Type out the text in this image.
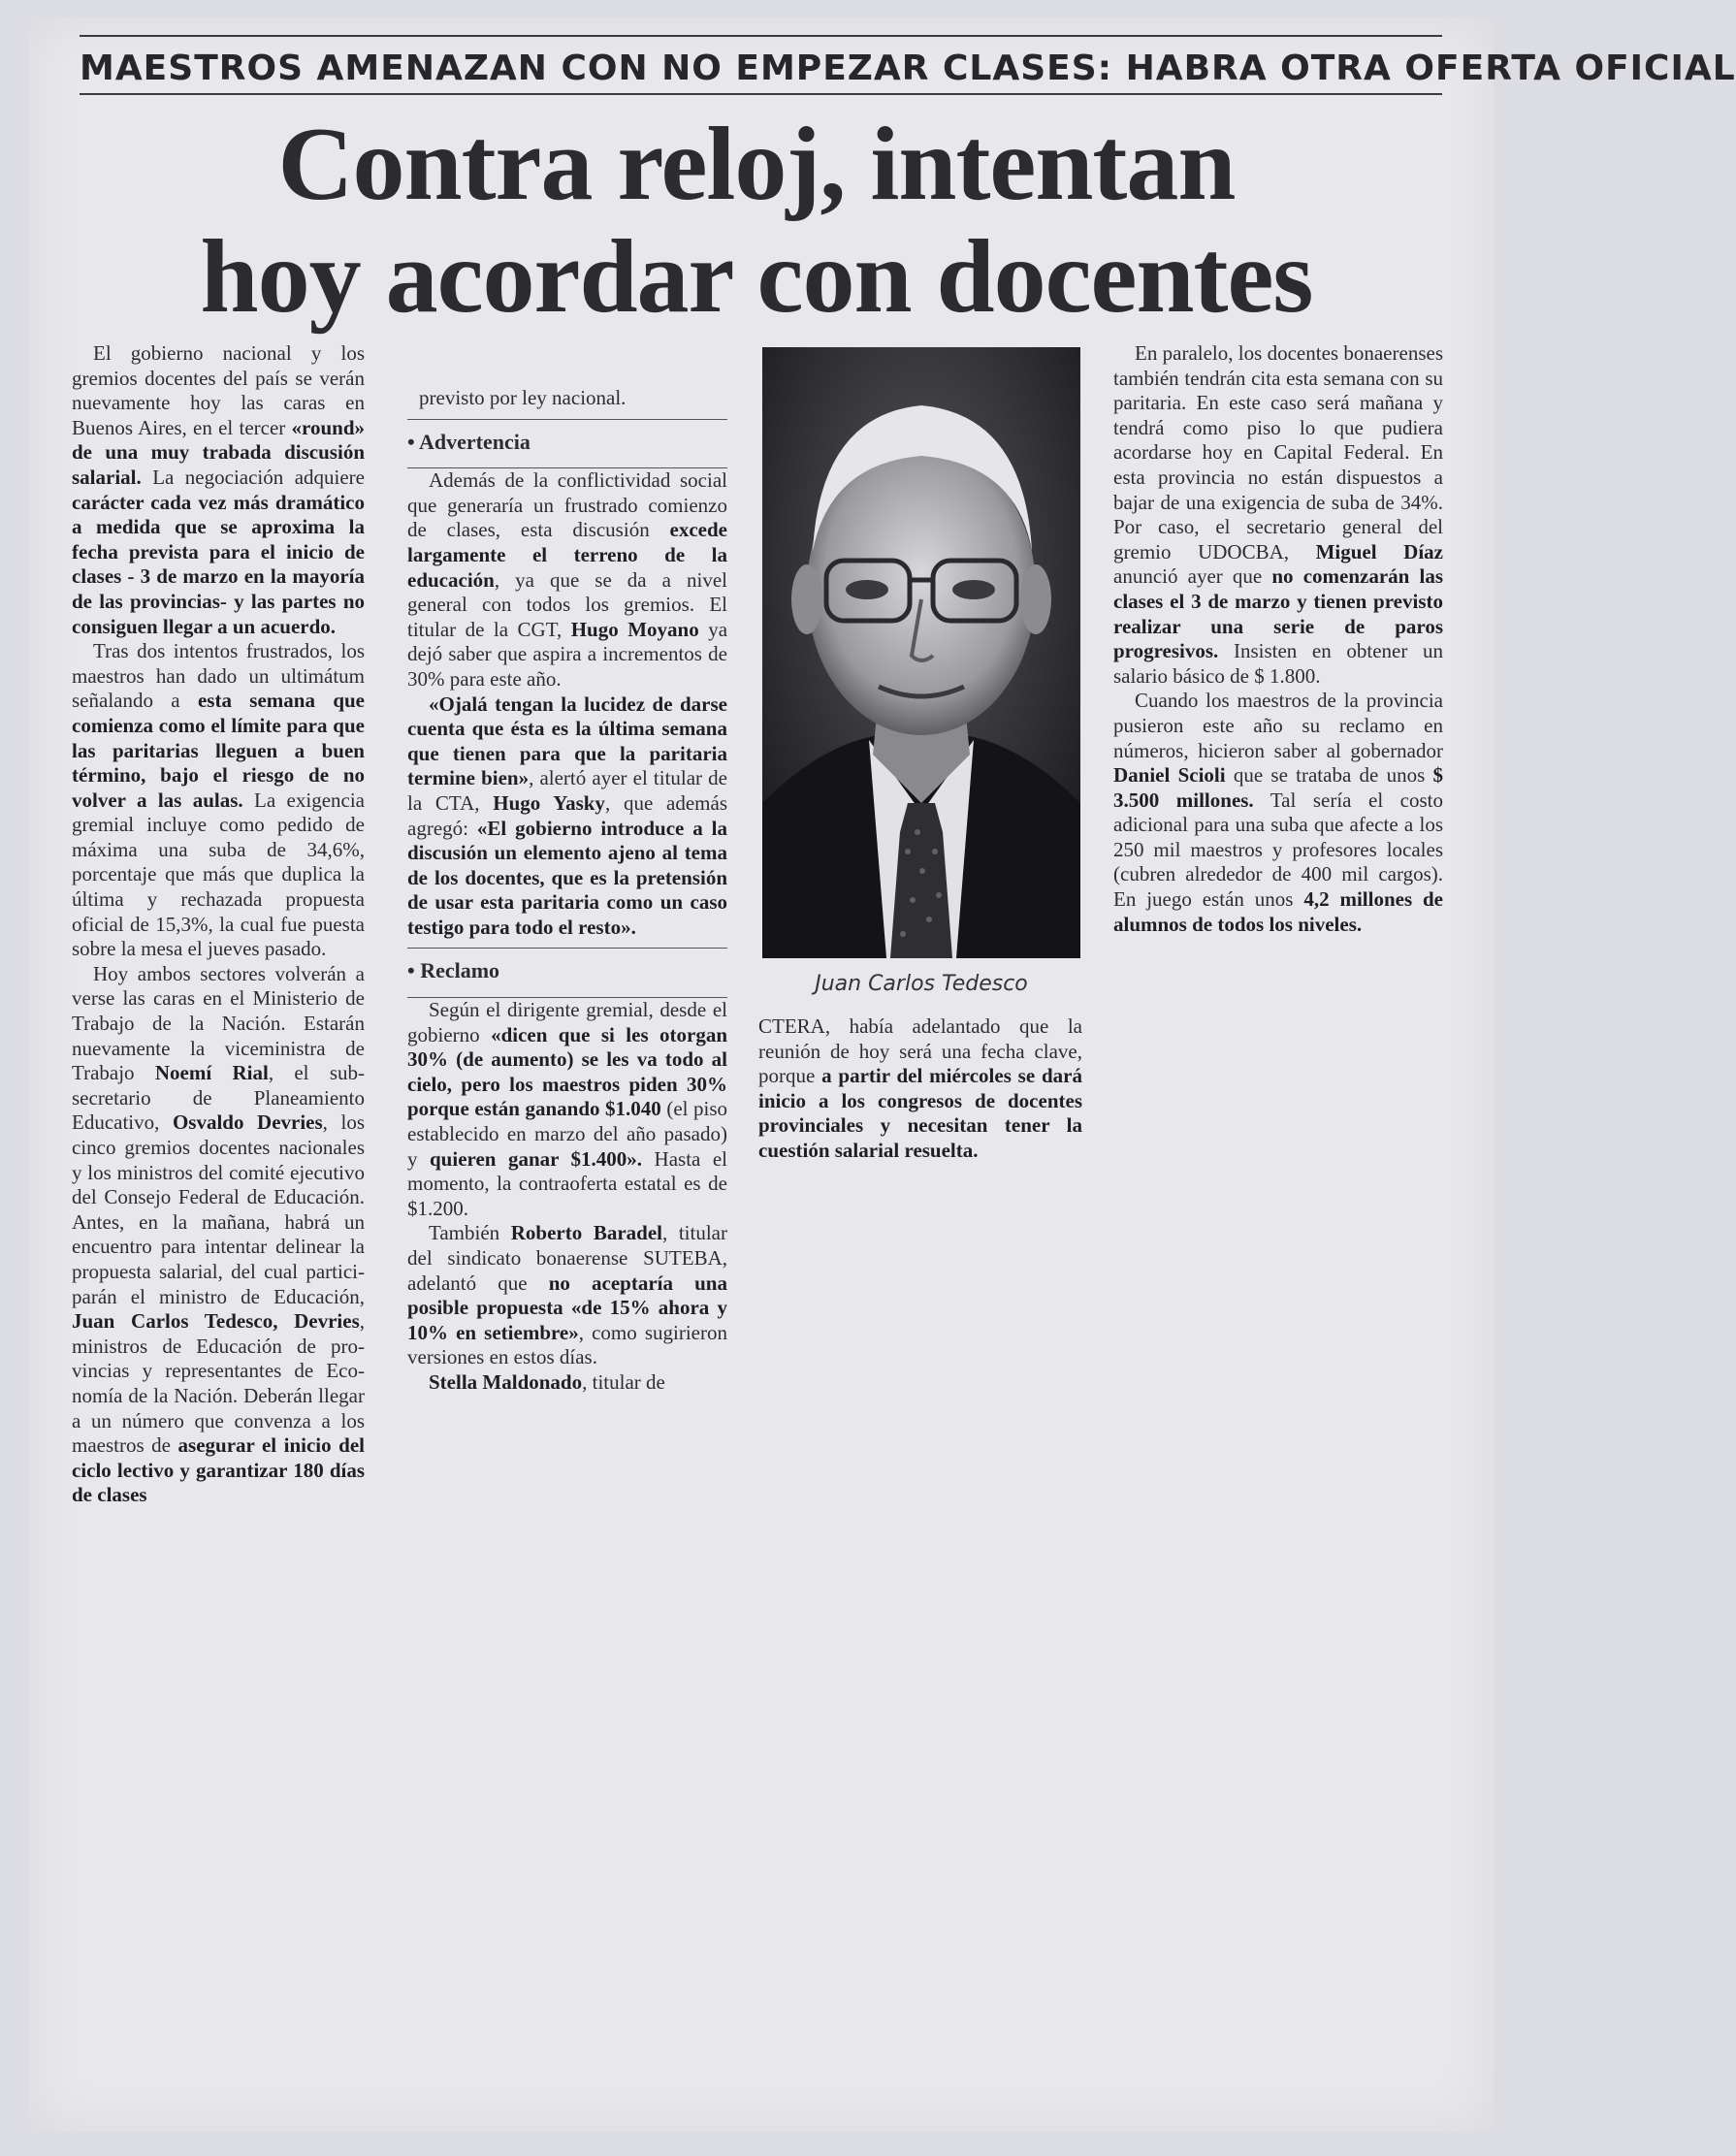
MAESTROS AMENAZAN CON NO EMPEZAR CLASES: HABRA OTRA OFERTA OFICIAL
Contra reloj, intentan
hoy acordar con docentes

El gobierno nacional y los gremios docentes del país se verán nuevamente hoy las caras en Buenos Aires, en el tercer «round» de una muy trabada discusión salarial. La negociación adquiere carácter cada vez más dramático a medida que se aproxima la fecha prevista para el inicio de clases - 3 de marzo en la mayoría de las provincias- y las partes no consiguen llegar a un acuerdo.

Tras dos intentos frustrados, los maestros han dado un ultimátum señalando a esta semana que comienza como el límite para que las paritarias lleguen a buen término, bajo el riesgo de no volver a las aulas. La exigencia gremial incluye como pedido de máxima una suba de 34,6%, porcentaje que más que duplica la última y rechazada propuesta oficial de 15,3%, la cual fue puesta sobre la mesa el jueves pasado.

Hoy ambos sectores volverán a verse las caras en el Ministerio de Trabajo de la Nación. Estarán nuevamente la viceministra de Trabajo Noemí Rial, el subsecretario de Planeamiento Educativo, Osvaldo Devries, los cinco gremios docentes nacionales y los ministros del comité ejecutivo del Consejo Federal de Educación. Antes, en la mañana, habrá un encuentro para intentar delinear la propuesta salarial, del cual participarán el ministro de Educación, Juan Carlos Tedesco, Devries, ministros de Educación de provincias y representantes de Economía de la Nación. Deberán llegar a un número que convenza a los maestros de asegurar el inicio del ciclo lectivo y garantizar 180 días de clases

previsto por ley nacional.

• Advertencia

Además de la conflictividad social que generaría un frustrado comienzo de clases, esta discusión excede largamente el terreno de la educación, ya que se da a nivel general con todos los gremios. El titular de la CGT, Hugo Moyano ya dejó saber que aspira a incrementos de 30% para este año.

«Ojalá tengan la lucidez de darse cuenta que ésta es la última semana que tienen para que la paritaria termine bien», alertó ayer el titular de la CTA, Hugo Yasky, que además agregó: «El gobierno introduce a la discusión un elemento ajeno al tema de los docentes, que es la pretensión de usar esta paritaria como un caso testigo para todo el resto».

• Reclamo

Según el dirigente gremial, desde el gobierno «dicen que si les otorgan 30% (de aumento) se les va todo al cielo, pero los maestros piden 30% porque están ganando $1.040 (el piso establecido en marzo del año pasado) y quieren ganar $1.400». Hasta el momento, la contraoferta estatal es de $1.200.

También Roberto Baradel, titular del sindicato bonaerense SUTEBA, adelantó que no aceptaría una posible propuesta «de 15% ahora y 10% en setiembre», como sugirieron versiones en estos días.

Stella Maldonado, titular de

Juan Carlos Tedesco

CTERA, había adelantado que la reunión de hoy será una fecha clave, porque a partir del miércoles se dará inicio a los congresos de docentes provinciales y necesitan tener la cuestión salarial resuelta.

En paralelo, los docentes bonaerenses también tendrán cita esta semana con su paritaria. En este caso será mañana y tendrá como piso lo que pudiera acordarse hoy en Capital Federal. En esta provincia no están dispuestos a bajar de una exigencia de suba de 34%. Por caso, el secretario general del gremio UDOCBA, Miguel Díaz anunció ayer que no comenzarán las clases el 3 de marzo y tienen previsto realizar una serie de paros progresivos. Insisten en obtener un salario básico de $ 1.800.

Cuando los maestros de la provincia pusieron este año su reclamo en números, hicieron saber al gobernador Daniel Scioli que se trataba de unos $ 3.500 millones. Tal sería el costo adicional para una suba que afecte a los 250 mil maestros y profesores locales (cubren alrededor de 400 mil cargos). En juego están unos 4,2 millones de alumnos de todos los niveles.
